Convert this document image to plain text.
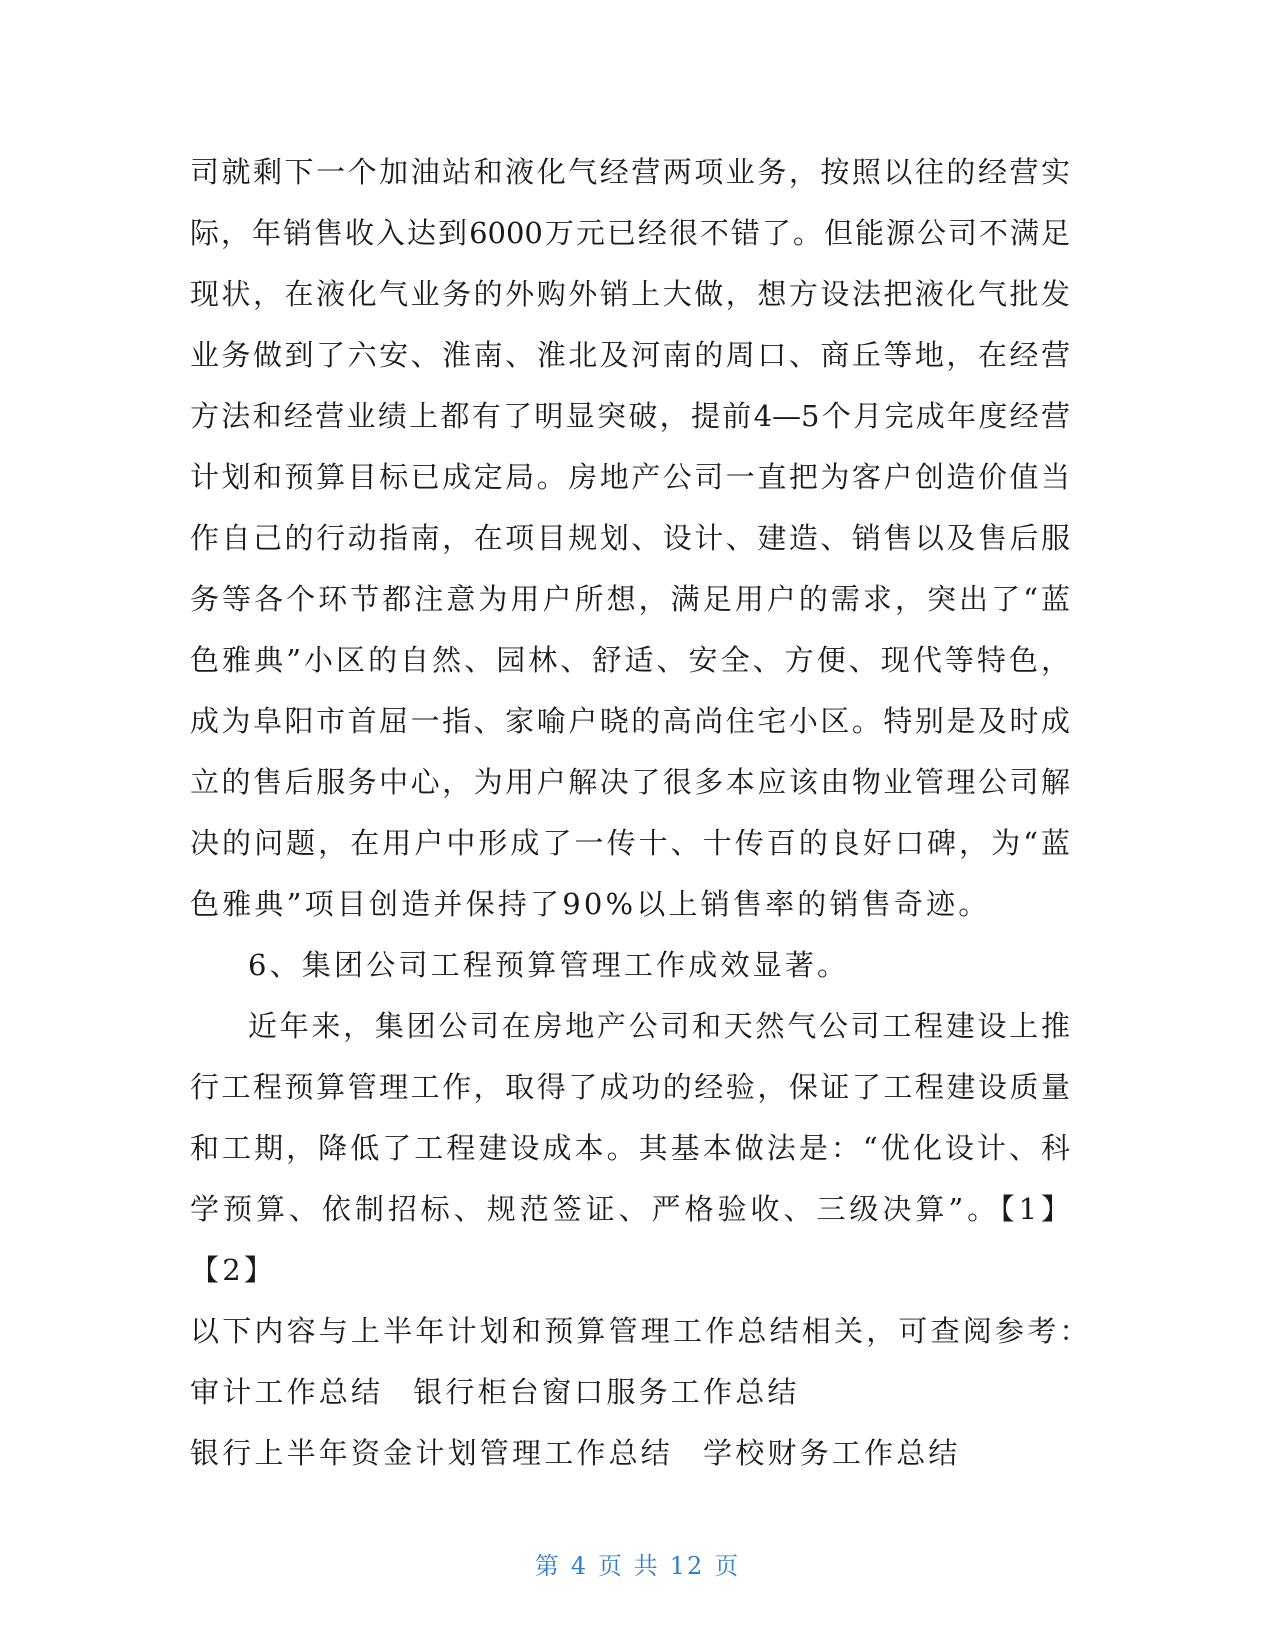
司就剩下一个加油站和液化气经营两项业务，按照以往的经营实
际，年销售收入达到6000万元已经很不错了。但能源公司不满足
现状，在液化气业务的外购外销上大做，想方设法把液化气批发
业务做到了六安、淮南、淮北及河南的周口、商丘等地，在经营
方法和经营业绩上都有了明显突破，提前4—5个月完成年度经营
计划和预算目标已成定局。房地产公司一直把为客户创造价值当
作自己的行动指南，在项目规划、设计、建造、销售以及售后服
务等各个环节都注意为用户所想，满足用户的需求，突出了“蓝
色雅典”小区的自然、园林、舒适、安全、方便、现代等特色，
成为阜阳市首屈一指、家喻户晓的高尚住宅小区。特别是及时成
立的售后服务中心，为用户解决了很多本应该由物业管理公司解
决的问题，在用户中形成了一传十、十传百的良好口碑，为“蓝
色雅典”项目创造并保持了90%以上销售率的销售奇迹。
6、集团公司工程预算管理工作成效显著。
近年来，集团公司在房地产公司和天然气公司工程建设上推
行工程预算管理工作，取得了成功的经验，保证了工程建设质量
和工期，降低了工程建设成本。其基本做法是：“优化设计、科
学预算、依制招标、规范签证、严格验收、三级决算”。【1】
【2】
以下内容与上半年计划和预算管理工作总结相关，可查阅参考：
审计工作总结 银行柜台窗口服务工作总结
银行上半年资金计划管理工作总结 学校财务工作总结
第 4 页 共 12 页
